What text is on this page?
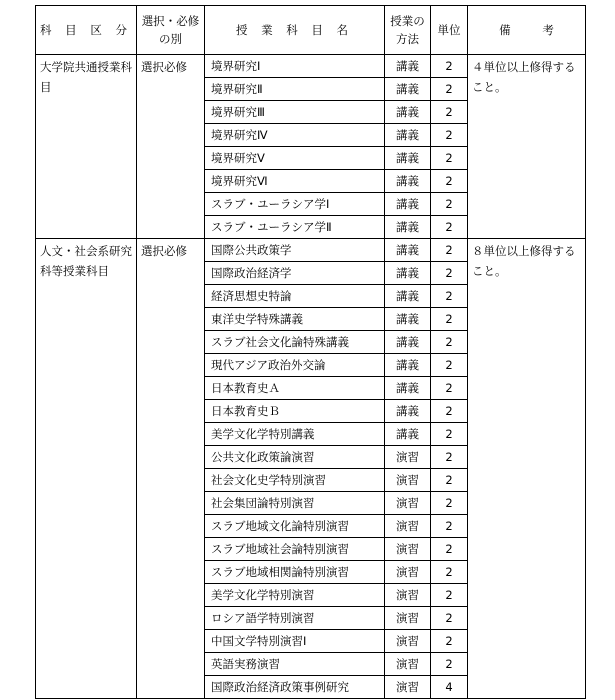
科 目 区 分	選択・必修の別	授 業 科 目 名	授業の方法	単位	備 考
大学院共通授業科目	選択必修	境界研究Ⅰ	講義	2	４単位以上修得すること。
		境界研究Ⅱ	講義	2	
		境界研究Ⅲ	講義	2	
		境界研究Ⅳ	講義	2	
		境界研究Ⅴ	講義	2	
		境界研究Ⅵ	講義	2	
		スラブ・ユーラシア学Ⅰ	講義	2	
		スラブ・ユーラシア学Ⅱ	講義	2	
人文・社会系研究科等授業科目	選択必修	国際公共政策学	講義	2	８単位以上修得すること。
		国際政治経済学	講義	2	
		経済思想史特論	講義	2	
		東洋史学特殊講義	講義	2	
		スラブ社会文化論特殊講義	講義	2	
		現代アジア政治外交論	講義	2	
		日本教育史Ａ	講義	2	
		日本教育史Ｂ	講義	2	
		美学文化学特別講義	講義	2	
		公共文化政策論演習	演習	2	
		社会文化史学特別演習	演習	2	
		社会集団論特別演習	演習	2	
		スラブ地域文化論特別演習	演習	2	
		スラブ地域社会論特別演習	演習	2	
		スラブ地域相関論特別演習	演習	2	
		美学文化学特別演習	演習	2	
		ロシア語学特別演習	演習	2	
		中国文学特別演習Ⅰ	演習	2	
		英語実務演習	演習	2	
		国際政治経済政策事例研究	演習	4	
